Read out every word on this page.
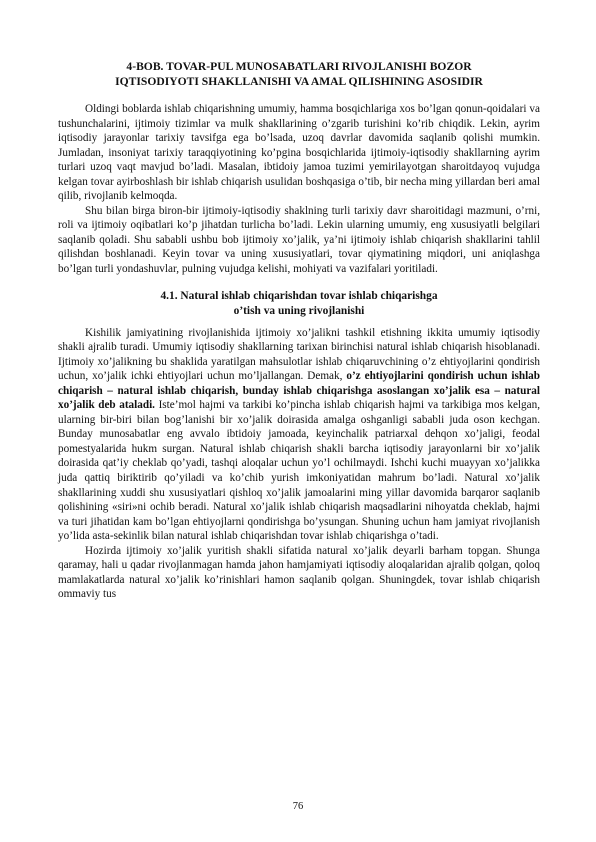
4-BOB. TOVAR-PUL MUNOSABATLARI RIVOJLANISHI BOZOR
IQTISODIYOTI SHAKLLANISHI VA AMAL QILISHINING ASOSIDIR

Oldingi boblarda ishlab chiqarishning umumiy, hamma bosqichlariga xos bo’lgan qonun-qoidalari va tushunchalarini, ijtimoiy tizimlar va mulk shakllarining o’zgarib turishini ko’rib chiqdik. Lekin, ayrim iqtisodiy jarayonlar tarixiy tavsifga ega bo’lsada, uzoq davrlar davomida saqlanib qolishi mumkin. Jumladan, insoniyat tarixiy taraqqiyotining ko’pgina bosqichlarida ijtimoiy-iqtisodiy shakllarning ayrim turlari uzoq vaqt mavjud bo’ladi. Masalan, ibtidoiy jamoa tuzimi yemirilayotgan sharoitdayoq vujudga kelgan tovar ayirboshlash bir ishlab chiqarish usulidan boshqasiga o’tib, bir necha ming yillardan beri amal qilib, rivojlanib kelmoqda.

Shu bilan birga biron-bir ijtimoiy-iqtisodiy shaklning turli tarixiy davr sharoitidagi mazmuni, o’rni, roli va ijtimoiy oqibatlari ko’p jihatdan turlicha bo’ladi. Lekin ularning umumiy, eng xususiyatli belgilari saqlanib qoladi. Shu sababli ushbu bob ijtimoiy xo’jalik, ya’ni ijtimoiy ishlab chiqarish shakllarini tahlil qilishdan boshlanadi. Keyin tovar va uning xususiyatlari, tovar qiymatining miqdori, uni aniqlashga bo’lgan turli yondashuvlar, pulning vujudga kelishi, mohiyati va vazifalari yoritiladi.

4.1. Natural ishlab chiqarishdan tovar ishlab chiqarishga
o’tish va uning rivojlanishi

Kishilik jamiyatining rivojlanishida ijtimoiy xo’jalikni tashkil etishning ikkita umumiy iqtisodiy shakli ajralib turadi. Umumiy iqtisodiy shakllarning tarixan birinchisi natural ishlab chiqarish hisoblanadi. Ijtimoiy xo’jalikning bu shaklida yaratilgan mahsulotlar ishlab chiqaruvchining o’z ehtiyojlarini qondirish uchun, xo’jalik ichki ehtiyojlari uchun mo’ljallangan. Demak, o’z ehtiyojlarini qondirish uchun ishlab chiqarish – natural ishlab chiqarish, bunday ishlab chiqarishga asoslangan xo’jalik esa – natural xo’jalik deb ataladi. Iste’mol hajmi va tarkibi ko’pincha ishlab chiqarish hajmi va tarkibiga mos kelgan, ularning bir-biri bilan bog’lanishi bir xo’jalik doirasida amalga oshganligi sababli juda oson kechgan. Bunday munosabatlar eng avvalo ibtidoiy jamoada, keyinchalik patriarxal dehqon xo’jaligi, feodal pomestyalarida hukm surgan. Natural ishlab chiqarish shakli barcha iqtisodiy jarayonlarni bir xo’jalik doirasida qat’iy cheklab qo’yadi, tashqi aloqalar uchun yo’l ochilmaydi. Ishchi kuchi muayyan xo’jalikka juda qattiq biriktirib qo’yiladi va ko’chib yurish imkoniyatidan mahrum bo’ladi. Natural xo’jalik shakllarining xuddi shu xususiyatlari qishloq xo’jalik jamoalarini ming yillar davomida barqaror saqlanib qolishining «siri»ni ochib beradi. Natural xo’jalik ishlab chiqarish maqsadlarini nihoyatda cheklab, hajmi va turi jihatidan kam bo’lgan ehtiyojlarni qondirishga bo’ysungan. Shuning uchun ham jamiyat rivojlanish yo’lida asta-sekinlik bilan natural ishlab chiqarishdan tovar ishlab chiqarishga o’tadi.

Hozirda ijtimoiy xo’jalik yuritish shakli sifatida natural xo’jalik deyarli barham topgan. Shunga qaramay, hali u qadar rivojlanmagan hamda jahon hamjamiyati iqtisodiy aloqalaridan ajralib qolgan, qoloq mamlakatlarda natural xo’jalik ko’rinishlari hamon saqlanib qolgan. Shuningdek, tovar ishlab chiqarish ommaviy tus

76
